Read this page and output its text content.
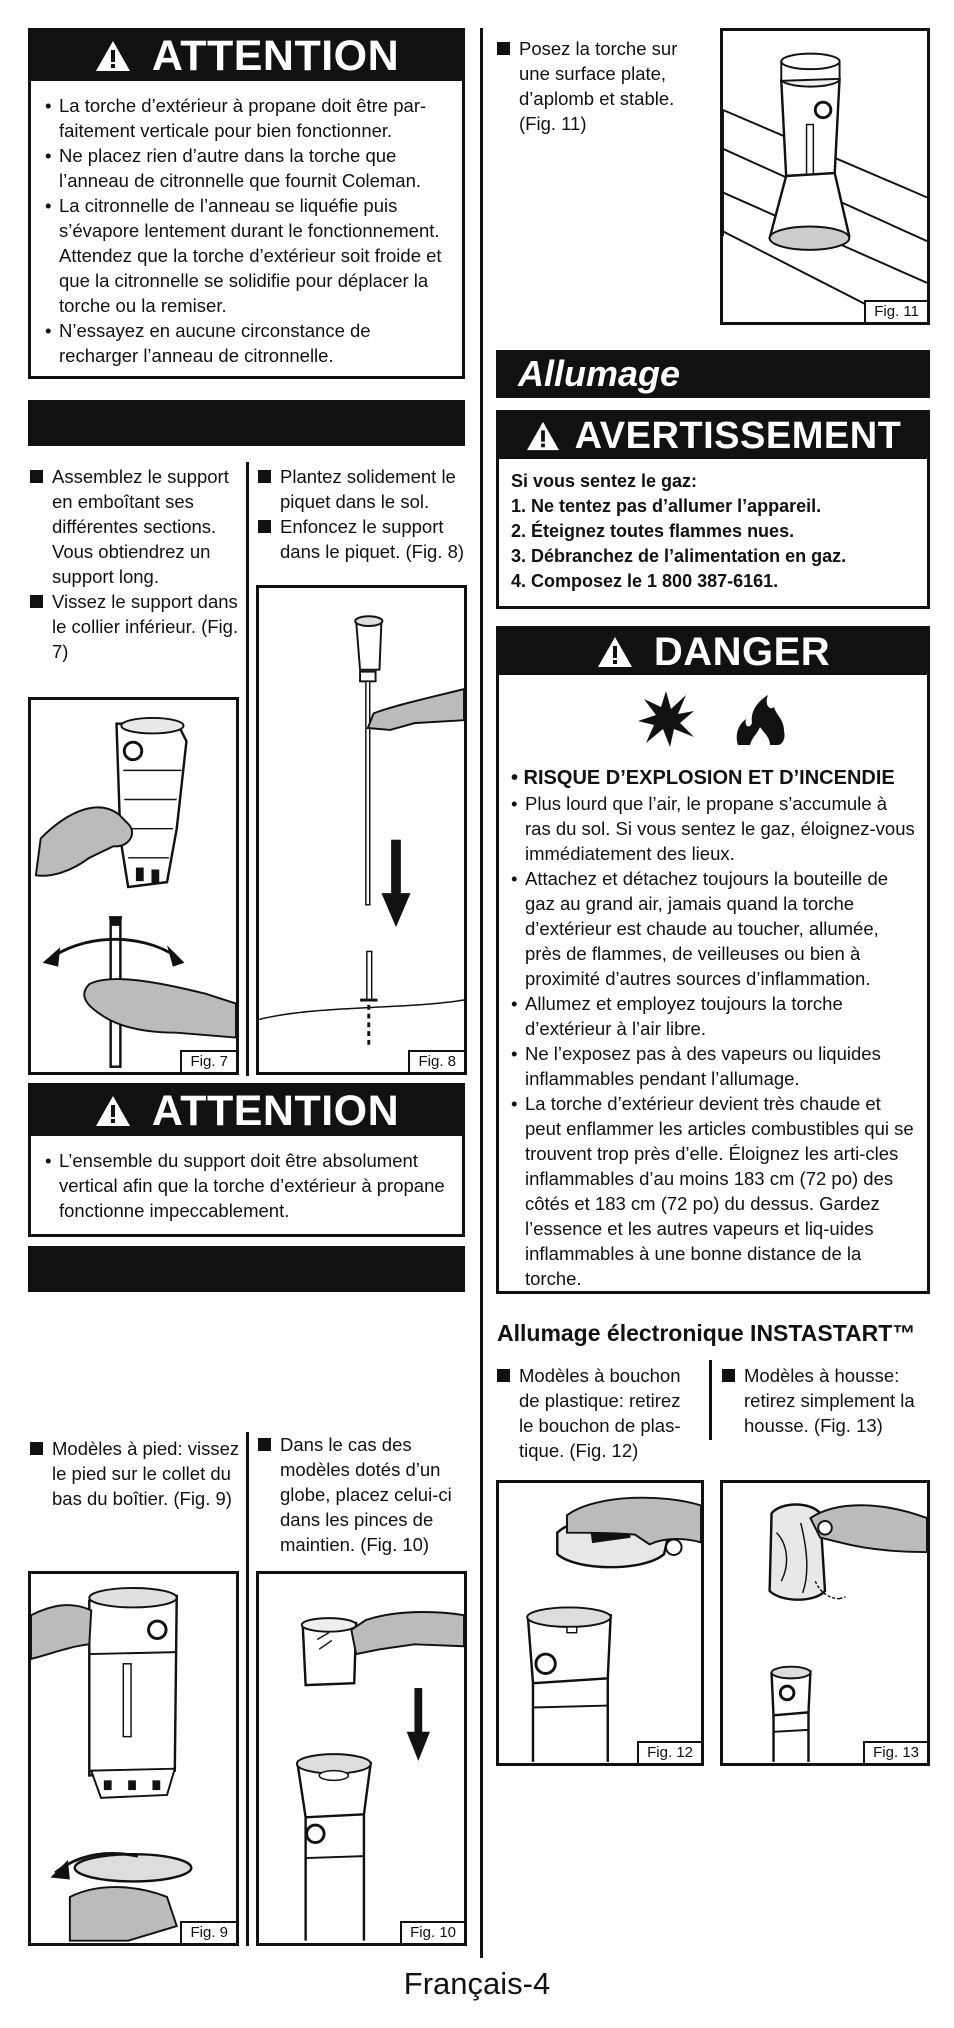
ATTENTION
• La torche d’extérieur à propane doit être par-faitement verticale pour bien fonctionner.
• Ne placez rien d’autre dans la torche que l’anneau de citronnelle que fournit Coleman.
• La citronnelle de l’anneau se liquéfie puis s’évapore lentement durant le fonctionnement. Attendez que la torche d’extérieur soit froide et que la citronnelle se solidifie pour déplacer la torche ou la remiser.
• N’essayez en aucune circonstance de recharger l’anneau de citronnelle.

Assemblez le support en emboîtant ses différentes sections. Vous obtiendrez un support long.

Vissez le support dans le collier inférieur. (Fig. 7)

Plantez solidement le piquet dans le sol.

Enfoncez le support dans le piquet. (Fig. 8)

Fig. 7	Fig. 8
ATTENTION
• L’ensemble du support doit être absolument vertical afin que la torche d’extérieur à propane fonctionne impeccablement.

Modèles à pied: vissez le pied sur le collet du bas du boîtier. (Fig. 9)

Dans le cas des modèles dotés d’un globe, placez celui-ci dans les pinces de maintien. (Fig. 10)

Fig. 9	Fig. 10

Posez la torche sur une surface plate, d’aplomb et stable. (Fig. 11)

Fig. 11
Allumage
AVERTISSEMENT
Si vous sentez le gaz:
1. Ne tentez pas d’allumer l’appareil.
2. Éteignez toutes flammes nues.
3. Débranchez de l’alimentation en gaz.
4. Composez le 1 800 387-6161.
DANGER
• RISQUE D’EXPLOSION ET D’INCENDIE
• Plus lourd que l’air, le propane s’accumule à ras du sol. Si vous sentez le gaz, éloignez-vous immédiatement des lieux.
• Attachez et détachez toujours la bouteille de gaz au grand air, jamais quand la torche d’extérieur est chaude au toucher, allumée, près de flammes, de veilleuses ou bien à proximité d’autres sources d’inflammation.
• Allumez et employez toujours la torche d’extérieur à l’air libre.
• Ne l’exposez pas à des vapeurs ou liquides inflammables pendant l’allumage.
• La torche d’extérieur devient très chaude et peut enflammer les articles combustibles qui se trouvent trop près d’elle. Éloignez les arti-cles inflammables d’au moins 183 cm (72 po) des côtés et 183 cm (72 po) du dessus. Gardez l’essence et les autres vapeurs et liq-uides inflammables à une bonne distance de la torche.
Allumage électronique INSTASTART™

Modèles à bouchon de plastique: retirez le bouchon de plas-tique. (Fig. 12)

Modèles à housse: retirez simplement la housse. (Fig. 13)

Fig. 12	Fig. 13
Français-4
